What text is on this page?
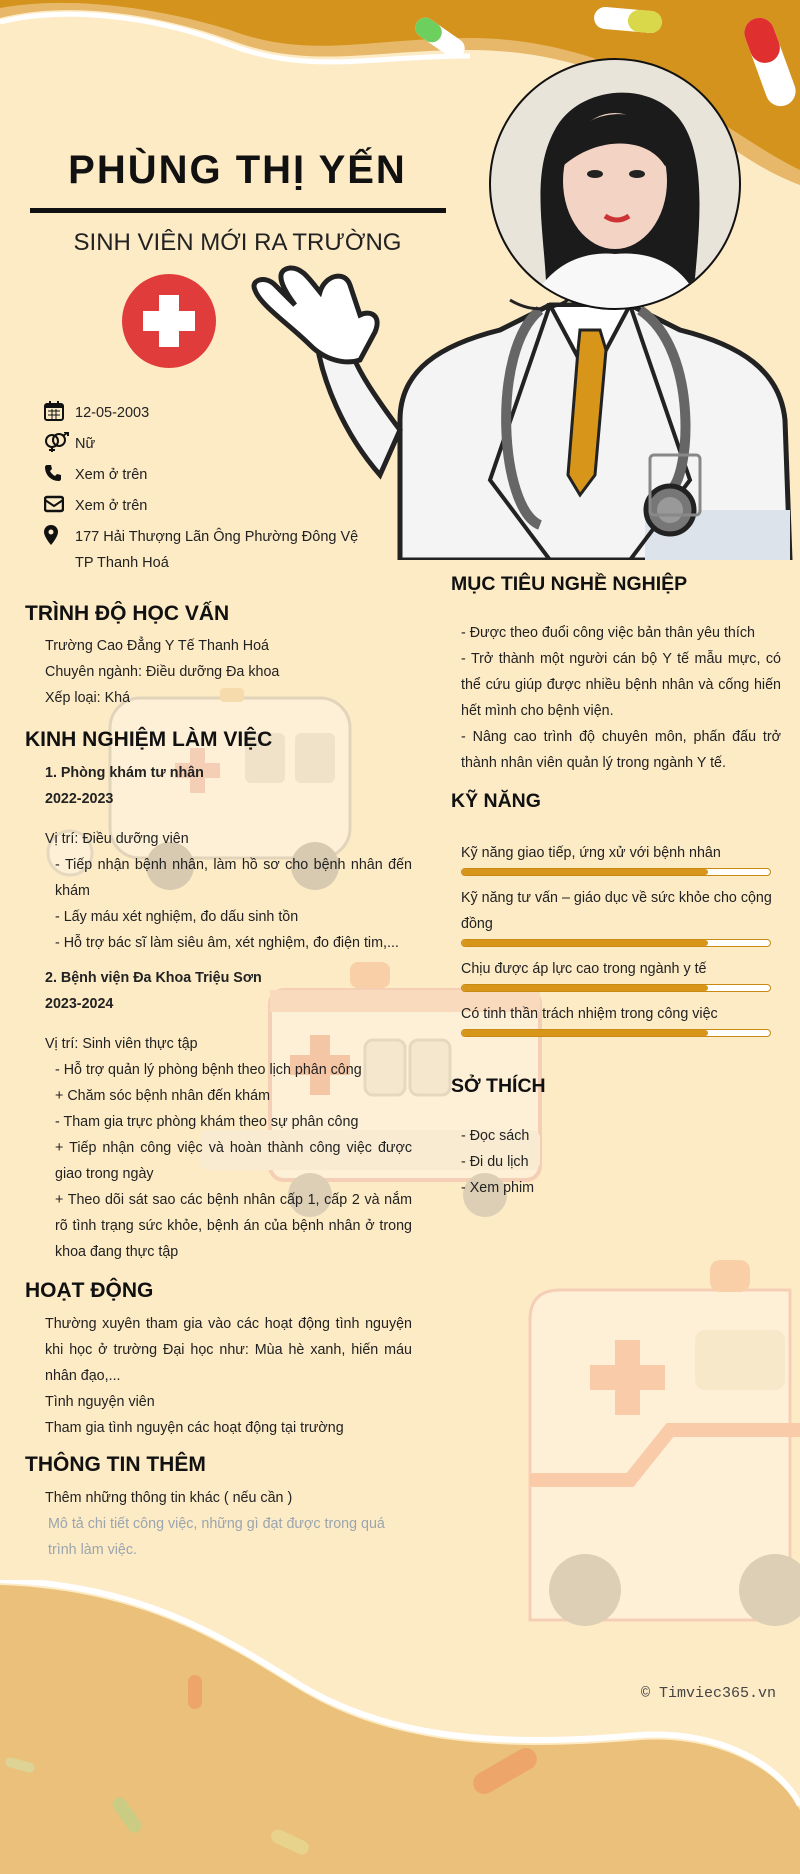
PHÙNG THỊ YẾN
SINH VIÊN MỚI RA TRƯỜNG
12-05-2003
Nữ
Xem ở trên
Xem ở trên
177 Hải Thượng Lãn Ông Phường Đông Vệ TP Thanh Hoá
TRÌNH ĐỘ HỌC VẤN
Trường Cao Đẳng Y Tế Thanh Hoá
Chuyên ngành: Điều dưỡng Đa khoa
Xếp loại: Khá
KINH NGHIỆM LÀM VIỆC
1. Phòng khám tư nhân
2022-2023
Vị trí: Điều dưỡng viên
- Tiếp nhận bệnh nhân, làm hồ sơ cho bệnh nhân đến khám
- Lấy máu xét nghiệm, đo dấu sinh tồn
- Hỗ trợ bác sĩ làm siêu âm, xét nghiệm, đo điện tim,...
2. Bệnh viện Đa Khoa Triệu Sơn
2023-2024
Vị trí: Sinh viên thực tập
- Hỗ trợ quản lý phòng bệnh theo lịch phân công
+ Chăm sóc bệnh nhân đến khám
- Tham gia trực phòng khám theo sự phân công
+ Tiếp nhận công việc và hoàn thành công việc được giao trong ngày
+ Theo dõi sát sao các bệnh nhân cấp 1, cấp 2 và nắm rõ tình trạng sức khỏe, bệnh án của bệnh nhân ở trong khoa đang thực tập
HOẠT ĐỘNG
Thường xuyên tham gia vào các hoạt động tình nguyện khi học ở trường Đại học như: Mùa hè xanh, hiến máu nhân đạo,...
Tình nguyện viên
Tham gia tình nguyện các hoạt động tại trường
THÔNG TIN THÊM
Thêm những thông tin khác ( nếu cần )
Mô tả chi tiết công việc, những gì đạt được trong quá trình làm việc.
MỤC TIÊU NGHỀ NGHIỆP
- Được theo đuổi công việc bản thân yêu thích
- Trở thành một người cán bộ Y tế mẫu mực, có thể cứu giúp được nhiều bệnh nhân và cống hiến hết mình cho bệnh viện.
- Nâng cao trình độ chuyên môn, phấn đấu trở thành nhân viên quản lý trong ngành Y tế.
KỸ NĂNG
Kỹ năng giao tiếp, ứng xử với bệnh nhân
Kỹ năng tư vấn – giáo dục về sức khỏe cho cộng đồng
Chịu được áp lực cao trong ngành y tế
Có tinh thần trách nhiệm trong công việc
SỞ THÍCH
- Đọc sách
- Đi du lịch
- Xem phim
© Timviec365.vn
